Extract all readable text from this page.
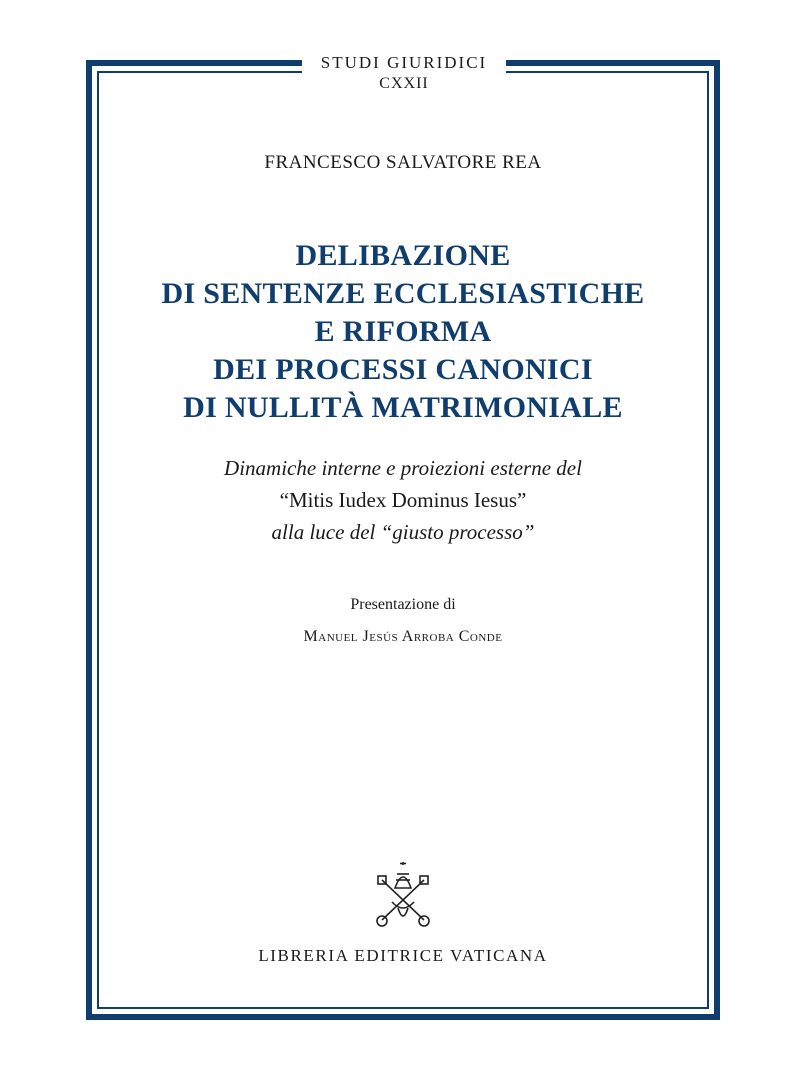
STUDI GIURIDICI
CXXII
FRANCESCO SALVATORE REA
DELIBAZIONE
DI SENTENZE ECCLESIASTICHE
E RIFORMA
DEI PROCESSI CANONICI
DI NULLITÀ MATRIMONIALE
Dinamiche interne e proiezioni esterne del
“Mitis Iudex Dominus Iesus”
alla luce del “giusto processo”
Presentazione di
Manuel Jesús Arroba Conde
LIBRERIA EDITRICE VATICANA
